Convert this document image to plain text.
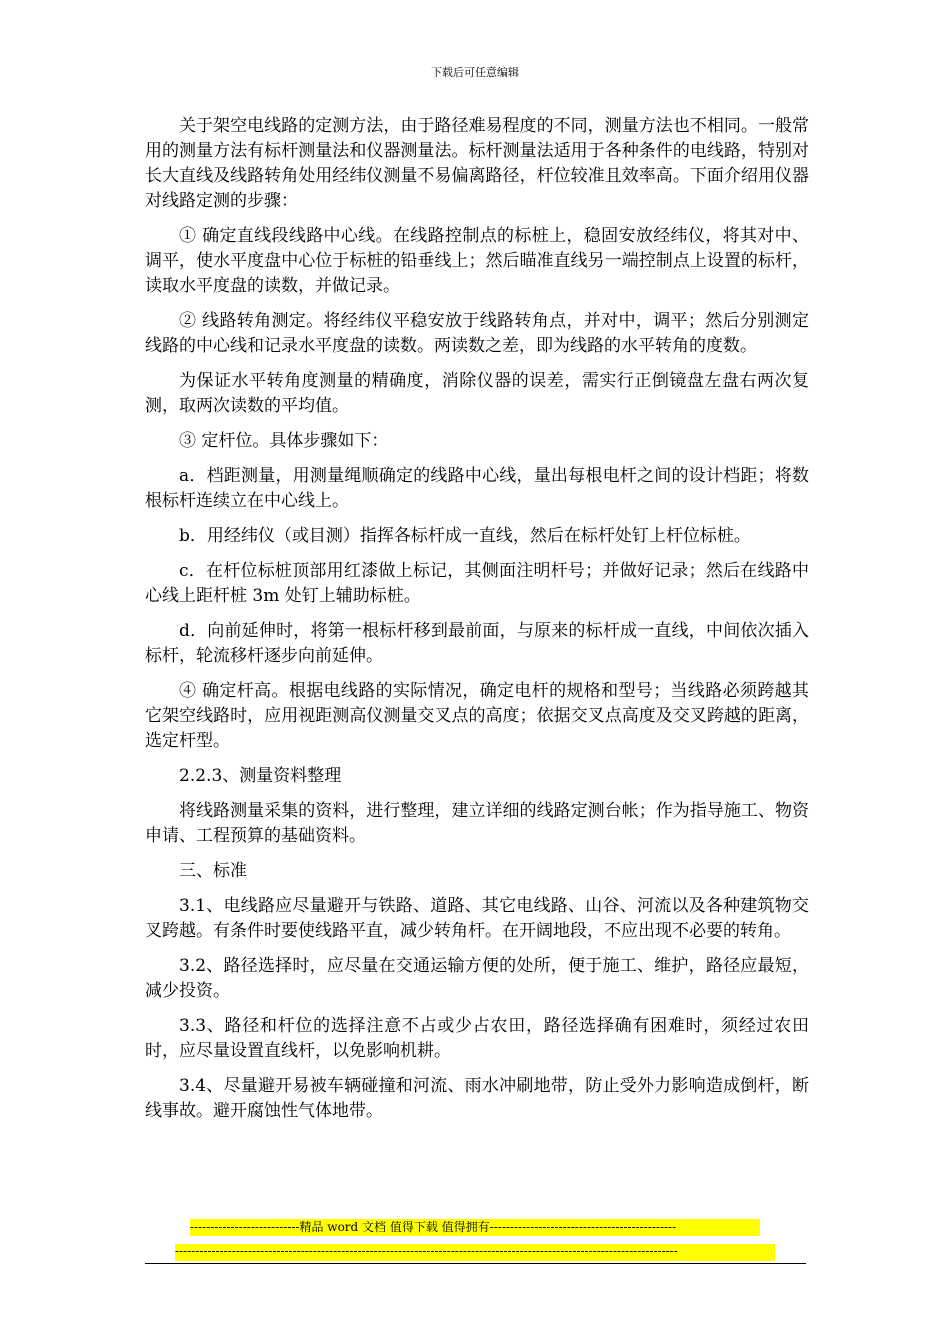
下载后可任意编辑

关于架空电线路的定测方法，由于路径难易程度的不同，测量方法也不相同。一般常用的测量方法有标杆测量法和仪器测量法。标杆测量法适用于各种条件的电线路，特别对长大直线及线路转角处用经纬仪测量不易偏离路径，杆位较准且效率高。下面介绍用仪器对线路定测的步骤：

① 确定直线段线路中心线。在线路控制点的标桩上，稳固安放经纬仪，将其对中、调平，使水平度盘中心位于标桩的铅垂线上；然后瞄准直线另一端控制点上设置的标杆，读取水平度盘的读数，并做记录。

② 线路转角测定。将经纬仪平稳安放于线路转角点，并对中，调平；然后分别测定线路的中心线和记录水平度盘的读数。两读数之差，即为线路的水平转角的度数。

为保证水平转角度测量的精确度，消除仪器的误差，需实行正倒镜盘左盘右两次复测，取两次读数的平均值。

③ 定杆位。具体步骤如下：

a．档距测量，用测量绳顺确定的线路中心线，量出每根电杆之间的设计档距；将数根标杆连续立在中心线上。

b．用经纬仪（或目测）指挥各标杆成一直线，然后在标杆处钉上杆位标桩。

c．在杆位标桩顶部用红漆做上标记，其侧面注明杆号；并做好记录；然后在线路中心线上距杆桩 3m 处钉上辅助标桩。

d．向前延伸时，将第一根标杆移到最前面，与原来的标杆成一直线，中间依次插入标杆，轮流移杆逐步向前延伸。

④ 确定杆高。根据电线路的实际情况，确定电杆的规格和型号；当线路必须跨越其它架空线路时，应用视距测高仪测量交叉点的高度；依据交叉点高度及交叉跨越的距离，选定杆型。

2.2.3、测量资料整理

将线路测量采集的资料，进行整理，建立详细的线路定测台帐；作为指导施工、物资申请、工程预算的基础资料。

三、标准

3.1、电线路应尽量避开与铁路、道路、其它电线路、山谷、河流以及各种建筑物交叉跨越。有条件时要使线路平直，减少转角杆。在开阔地段，不应出现不必要的转角。

3.2、路径选择时，应尽量在交通运输方便的处所，便于施工、维护，路径应最短，减少投资。

3.3、路径和杆位的选择注意不占或少占农田，路径选择确有困难时，须经过农田时，应尽量设置直线杆，以免影响机耕。

3.4、尽量避开易被车辆碰撞和河流、雨水冲刷地带，防止受外力影响造成倒杆，断线事故。避开腐蚀性气体地带。

---------------------------精品 word 文档 值得下载 值得拥有----------------------------------------------
----------------------------------------------------------------------------------------------------------------------------
